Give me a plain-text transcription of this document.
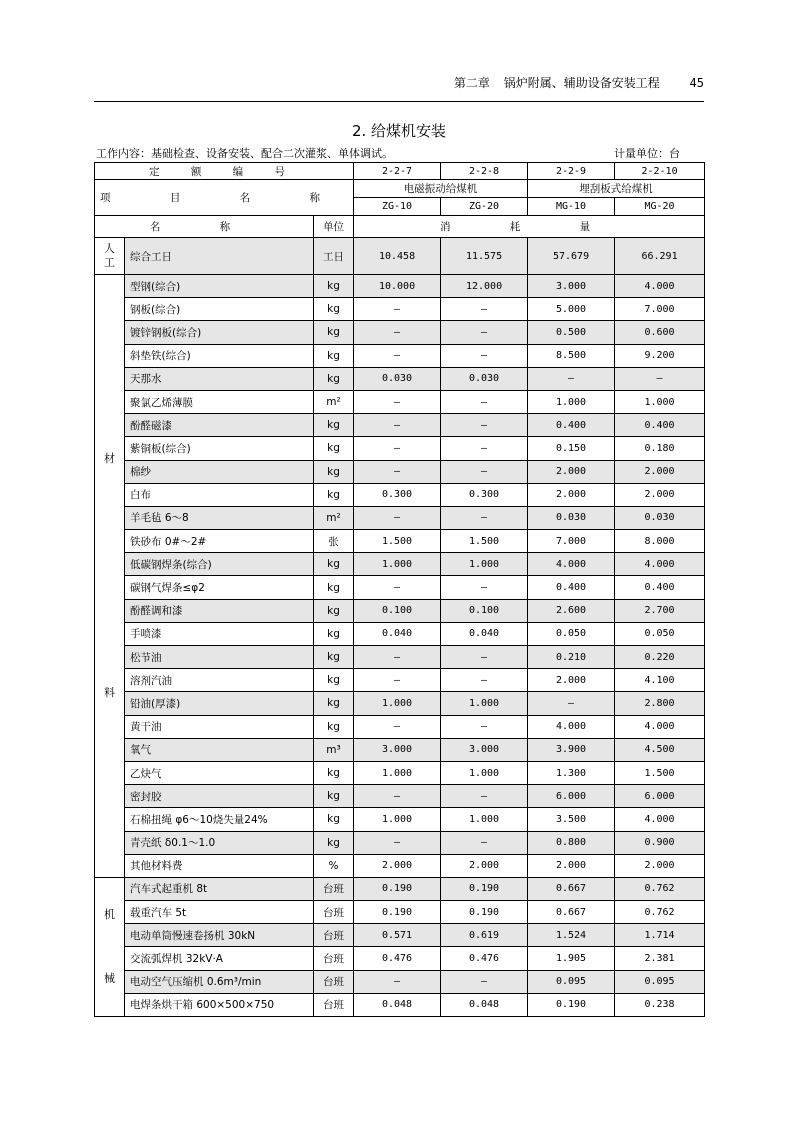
第二章 锅炉附属、辅助设备安装工程 45
2. 给煤机安装
工作内容：基础检查、设备安装、配合二次灌浆、单体调试。	计量单位：台
定 额 编 号			2-2-7	2-2-8	2-2-9	2-2-10
项 目 名 称			电磁振动给煤机		埋刮板式给煤机	
			ZG-10	ZG-20	MG-10	MG-20
名 称		单位	消 耗 量			

人
工	综合工日	工日	10.458	11.575	57.679	66.291

材
料	型钢(综合)	kg	10.000	12.000	3.000	4.000
	钢板(综合)	kg	—	—	5.000	7.000
	镀锌钢板(综合)	kg	—	—	0.500	0.600
	斜垫铁(综合)	kg	—	—	8.500	9.200
	天那水	kg	0.030	0.030	—	—
	聚氯乙烯薄膜	m²	—	—	1.000	1.000
	酚醛磁漆	kg	—	—	0.400	0.400
	紫铜板(综合)	kg	—	—	0.150	0.180
	棉纱	kg	—	—	2.000	2.000
	白布	kg	0.300	0.300	2.000	2.000
	羊毛毡 6～8	m²	—	—	0.030	0.030
	铁砂布 0#～2#	张	1.500	1.500	7.000	8.000
	低碳钢焊条(综合)	kg	1.000	1.000	4.000	4.000
	碳钢气焊条≤φ2	kg	—	—	0.400	0.400
	酚醛调和漆	kg	0.100	0.100	2.600	2.700
	手喷漆	kg	0.040	0.040	0.050	0.050
	松节油	kg	—	—	0.210	0.220
	溶剂汽油	kg	—	—	2.000	4.100
	铅油(厚漆)	kg	1.000	1.000	—	2.800
	黄干油	kg	—	—	4.000	4.000
	氧气	m³	3.000	3.000	3.900	4.500
	乙炔气	kg	1.000	1.000	1.300	1.500
	密封胶	kg	—	—	6.000	6.000
	石棉扭绳 φ6～10烧失量24%	kg	1.000	1.000	3.500	4.000
	青壳纸 δ0.1～1.0	kg	—	—	0.800	0.900
	其他材料费	%	2.000	2.000	2.000	2.000

机
械	汽车式起重机 8t	台班	0.190	0.190	0.667	0.762
	载重汽车 5t	台班	0.190	0.190	0.667	0.762
	电动单筒慢速卷扬机 30kN	台班	0.571	0.619	1.524	1.714
	交流弧焊机 32kV·A	台班	0.476	0.476	1.905	2.381
	电动空气压缩机 0.6m³/min	台班	—	—	0.095	0.095
	电焊条烘干箱 600×500×750	台班	0.048	0.048	0.190	0.238
